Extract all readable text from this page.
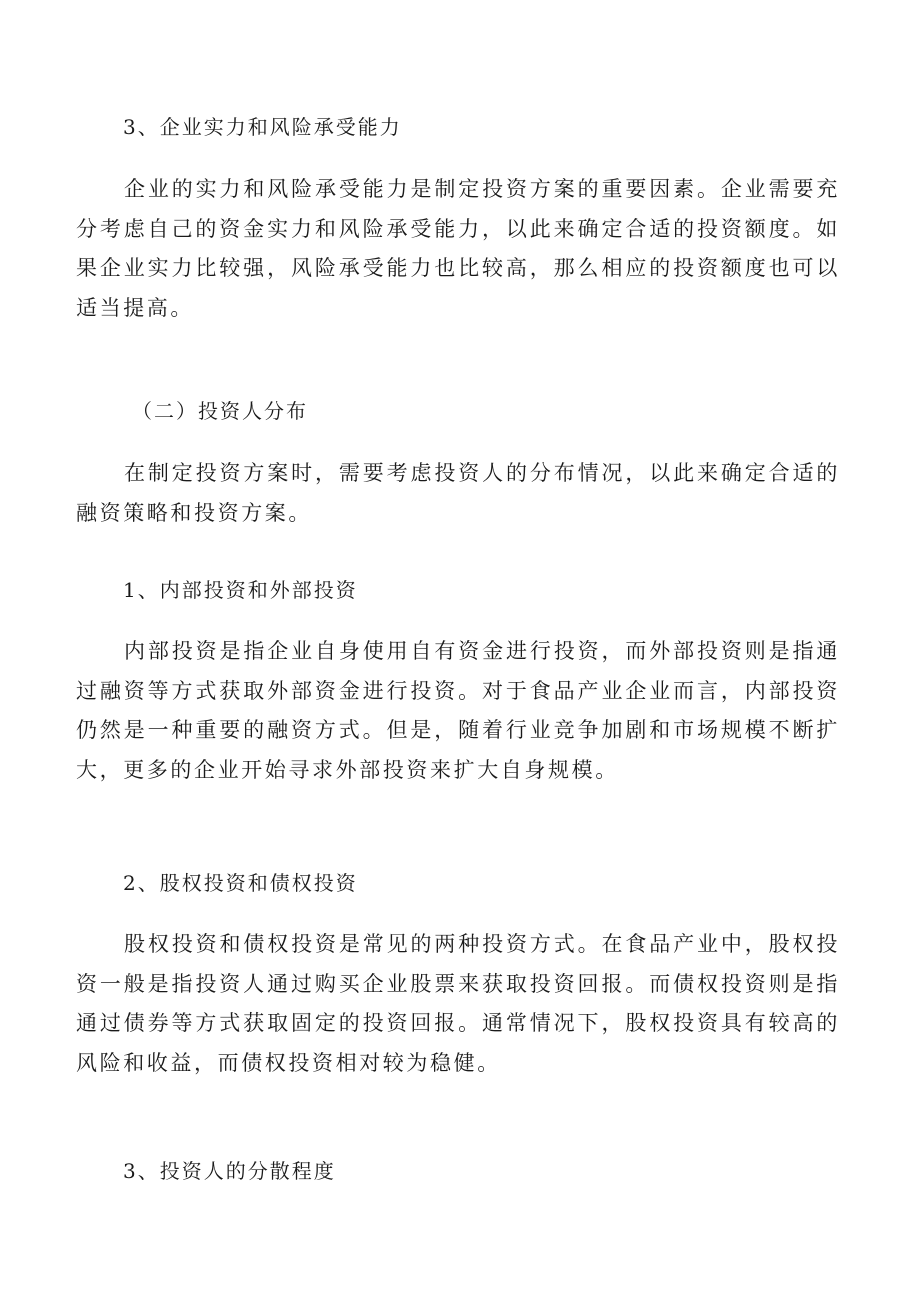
3、企业实力和风险承受能力

企业的实力和风险承受能力是制定投资方案的重要因素。企业需要充分考虑自己的资金实力和风险承受能力，以此来确定合适的投资额度。如果企业实力比较强，风险承受能力也比较高，那么相应的投资额度也可以适当提高。

（二）投资人分布

在制定投资方案时，需要考虑投资人的分布情况，以此来确定合适的融资策略和投资方案。

1、内部投资和外部投资

内部投资是指企业自身使用自有资金进行投资，而外部投资则是指通过融资等方式获取外部资金进行投资。对于食品产业企业而言，内部投资仍然是一种重要的融资方式。但是，随着行业竞争加剧和市场规模不断扩大，更多的企业开始寻求外部投资来扩大自身规模。

2、股权投资和债权投资

股权投资和债权投资是常见的两种投资方式。在食品产业中，股权投资一般是指投资人通过购买企业股票来获取投资回报。而债权投资则是指通过债券等方式获取固定的投资回报。通常情况下，股权投资具有较高的风险和收益，而债权投资相对较为稳健。

3、投资人的分散程度
